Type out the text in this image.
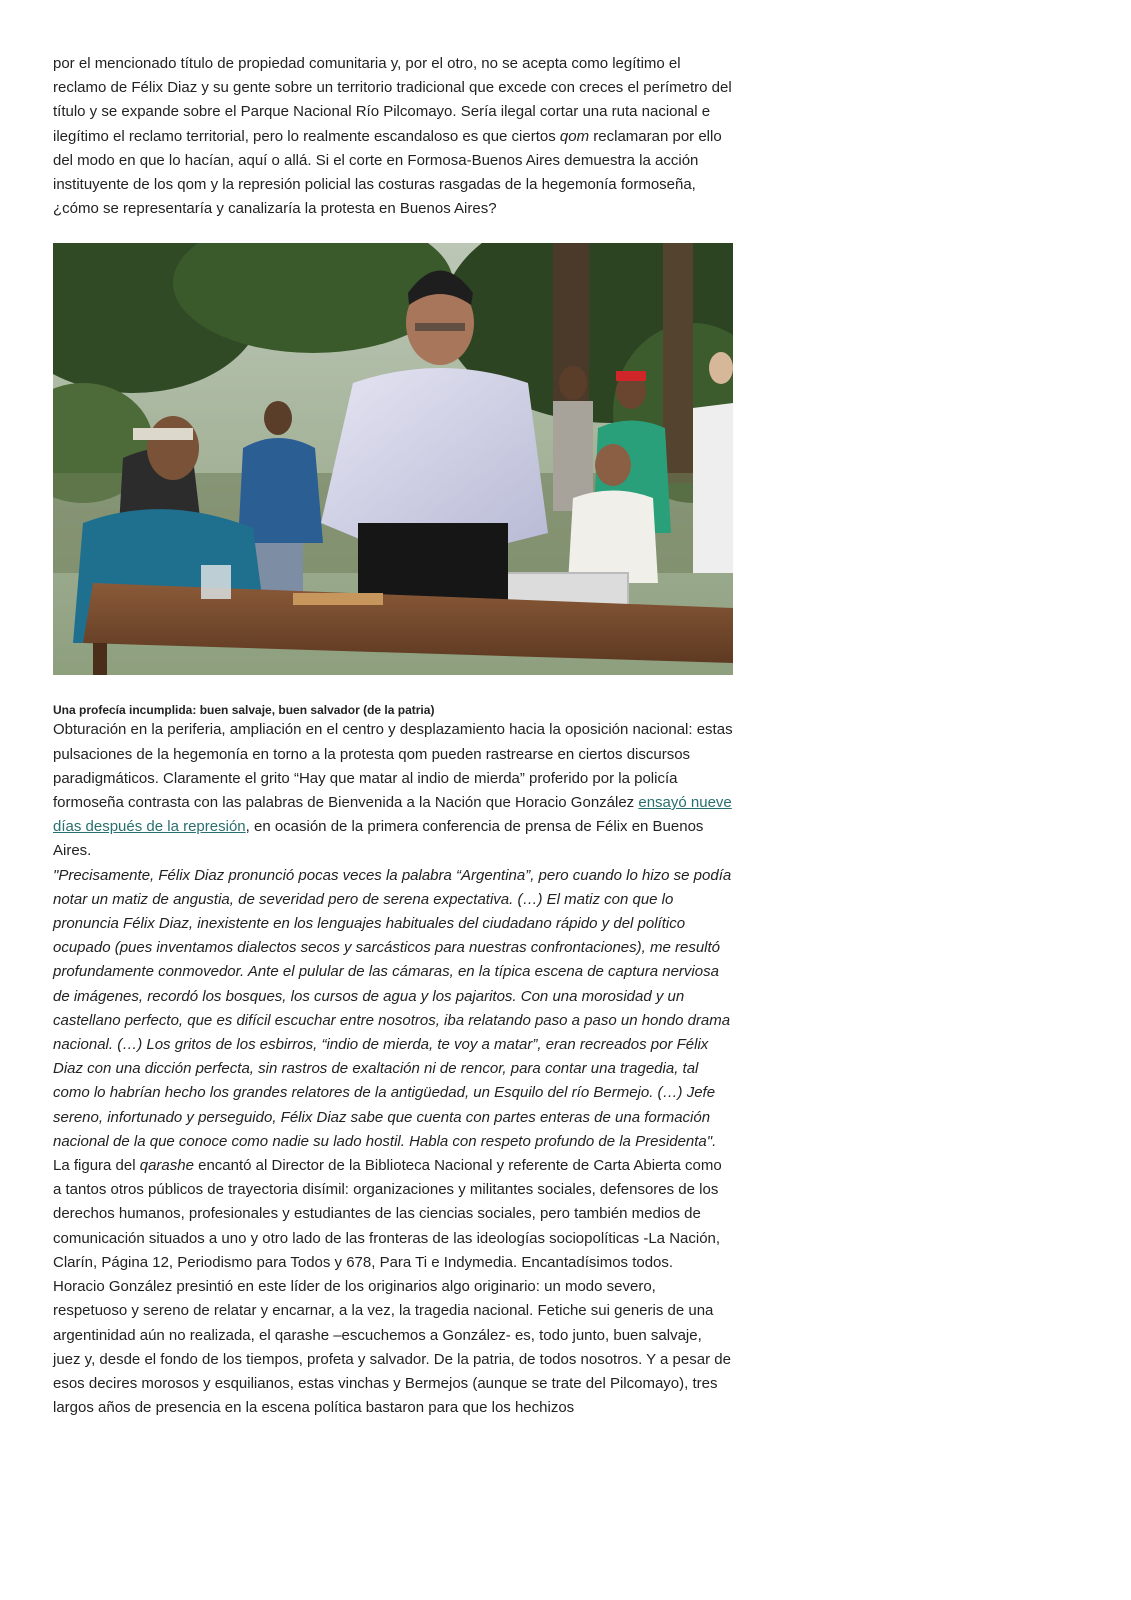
por el mencionado título de propiedad comunitaria y, por el otro, no se acepta como legítimo el reclamo de Félix Diaz y su gente sobre un territorio tradicional que excede con creces el perímetro del título y se expande sobre el Parque Nacional Río Pilcomayo. Sería ilegal cortar una ruta nacional e ilegítimo el reclamo territorial, pero lo realmente escandaloso es que ciertos qom reclamaran por ello del modo en que lo hacían, aquí o allá. Si el corte en Formosa-Buenos Aires demuestra la acción instituyente de los qom y la represión policial las costuras rasgadas de la hegemonía formoseña, ¿cómo se representaría y canalizaría la protesta en Buenos Aires?

Una profecía incumplida: buen salvaje, buen salvador (de la patria)

Obturación en la periferia, ampliación en el centro y desplazamiento hacia la oposición nacional: estas pulsaciones de la hegemonía en torno a la protesta qom pueden rastrearse en ciertos discursos paradigmáticos. Claramente el grito “Hay que matar al indio de mierda” proferido por la policía formoseña contrasta con las palabras de Bienvenida a la Nación que Horacio González ensayó nueve días después de la represión, en ocasión de la primera conferencia de prensa de Félix en Buenos Aires.

"Precisamente, Félix Diaz pronunció pocas veces la palabra “Argentina”, pero cuando lo hizo se podía notar un matiz de angustia, de severidad pero de serena expectativa. (…) El matiz con que lo pronuncia Félix Diaz, inexistente en los lenguajes habituales del ciudadano rápido y del político ocupado (pues inventamos dialectos secos y sarcásticos para nuestras confrontaciones), me resultó profundamente conmovedor. Ante el pulular de las cámaras, en la típica escena de captura nerviosa de imágenes, recordó los bosques, los cursos de agua y los pajaritos. Con una morosidad y un castellano perfecto, que es difícil escuchar entre nosotros, iba relatando paso a paso un hondo drama nacional. (…) Los gritos de los esbirros, “indio de mierda, te voy a matar”, eran recreados por Félix Diaz con una dicción perfecta, sin rastros de exaltación ni de rencor, para contar una tragedia, tal como lo habrían hecho los grandes relatores de la antigüedad, un Esquilo del río Bermejo. (…) Jefe sereno, infortunado y perseguido, Félix Diaz sabe que cuenta con partes enteras de una formación nacional de la que conoce como nadie su lado hostil. Habla con respeto profundo de la Presidenta".

La figura del qarashe encantó al Director de la Biblioteca Nacional y referente de Carta Abierta como a tantos otros públicos de trayectoria disímil: organizaciones y militantes sociales, defensores de los derechos humanos, profesionales y estudiantes de las ciencias sociales, pero también medios de comunicación situados a uno y otro lado de las fronteras de las ideologías sociopolíticas -La Nación, Clarín, Página 12, Periodismo para Todos y 678, Para Ti e Indymedia. Encantadísimos todos.
Horacio González presintió en este líder de los originarios algo originario: un modo severo, respetuoso y sereno de relatar y encarnar, a la vez, la tragedia nacional. Fetiche sui generis de una argentinidad aún no realizada, el qarashe –escuchemos a González- es, todo junto, buen salvaje, juez y, desde el fondo de los tiempos, profeta y salvador. De la patria, de todos nosotros. Y a pesar de esos decires morosos y esquilianos, estas vinchas y Bermejos (aunque se trate del Pilcomayo), tres largos años de presencia en la escena política bastaron para que los hechizos
